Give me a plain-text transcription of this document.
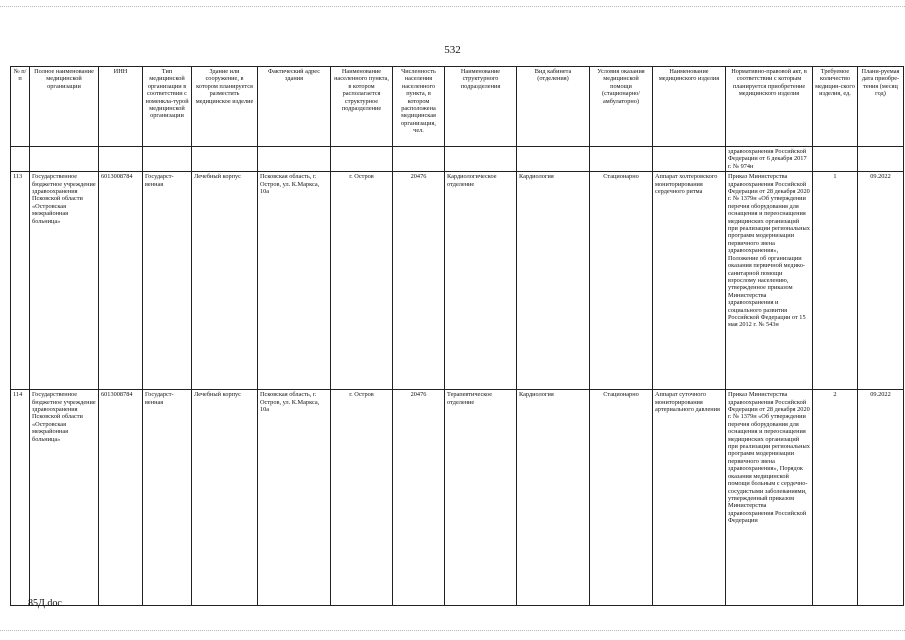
532
№ п/п	Полное наименование медицинской организации	ИНН	Тип медицинской организации в соответствии с номенкла-турой медицинской организации	Здание или сооружение, в котором планируется разместить медицинское изделие	Фактический адрес здания	Наименование населенного пункта, в котором располагается структурное подразделение	Численность населения населенного пункта, в котором расположена медицинская организация, чел.	Наименование структурного подразделения	Вид кабинета (отделения)	Условия оказания медицинской помощи (стационарно/ амбулаторно)	Наименование медицинского изделия	Нормативно-правовой акт, в соответствии с которым планируется приобретение медицинского изделия	Требуемое количество медицин-ского изделия, ед.	Плани-руемая дата приобре-тения (месяц год)
												здравоохранения Российской Федерации от 6 декабря 2017 г. № 974н		
113	Государственное бюджетное учреждение здравоохранения Псковской области «Островская межрайонная больница»	6013008784	Государст-венная	Лечебный корпус	Псковская область, г. Остров, ул. К.Маркса, 10а	г. Остров	20476	Кардиологическое отделение	Кардиология	Стационарно	Аппарат холтеровского мониторирования сердечного ритма	Приказ Министерства здравоохранения Российской Федерации от 28 декабря 2020 г. № 1379н «Об утверждении перечня оборудования для оснащения и переоснащения медицинских организаций при реализации региональных программ модернизации первичного звена здравоохранения», Положение об организации оказания первичной медико-санитарной помощи взрослому населению, утвержденное приказом Министерства здравоохранения и социального развития Российской Федерации от 15 мая 2012 г. № 543н	1	09.2022
114	Государственное бюджетное учреждение здравоохранения Псковской области «Островская межрайонная больница»	6013008784	Государст-венная	Лечебный корпус	Псковская область, г. Остров, ул. К.Маркса, 10а	г. Остров	20476	Терапевтическое отделение	Кардиология	Стационарно	Аппарат суточного мониторирования артериального давления	Приказ Министерства здравоохранения Российской Федерации от 28 декабря 2020 г. № 1379н «Об утверждении перечня оборудования для оснащения и переоснащения медицинских организаций при реализации региональных программ модернизации первичного звена здравоохранения», Порядок оказания медицинской помощи больным с сердечно-сосудистыми заболеваниями, утвержденный приказом Министерства здравоохранения Российской Федерации	2	09.2022
85Д.doc
